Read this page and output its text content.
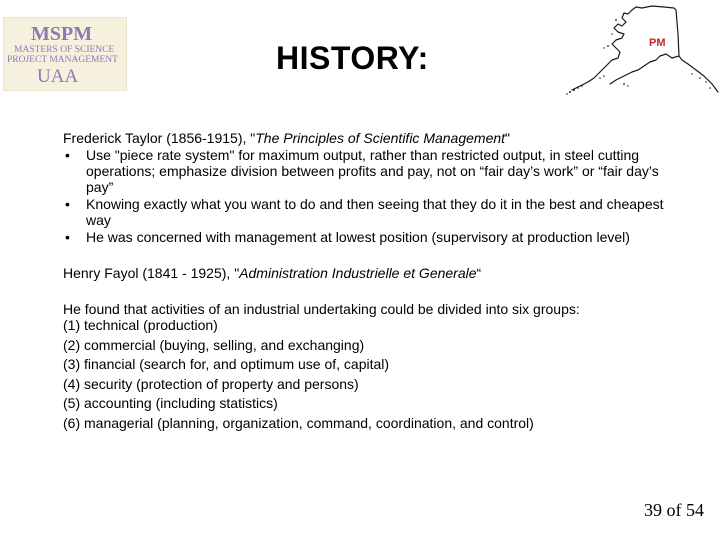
MSPM
MASTERS OF SCIENCE
PROJECT MANAGEMENT
UAA
HISTORY:	PM

Frederick Taylor (1856-1915), "The Principles of Scientific Management"

• Use "piece rate system" for maximum output, rather than restricted output, in steel cutting operations; emphasize division between profits and pay, not on “fair day’s work” or “fair day’s pay”
• Knowing exactly what you want to do and then seeing that they do it in the best and cheapest way
• He was concerned with management at lowest position (supervisory at production level)

Henry Fayol (1841 - 1925), "Administration Industrielle et Generale“

He found that activities of an industrial undertaking could be divided into six groups:

(1) technical (production)
(2) commercial (buying, selling, and exchanging)
(3) financial (search for, and optimum use of, capital)
(4) security (protection of property and persons)
(5) accounting (including statistics)
(6) managerial (planning, organization, command, coordination, and control)
39 of 54
